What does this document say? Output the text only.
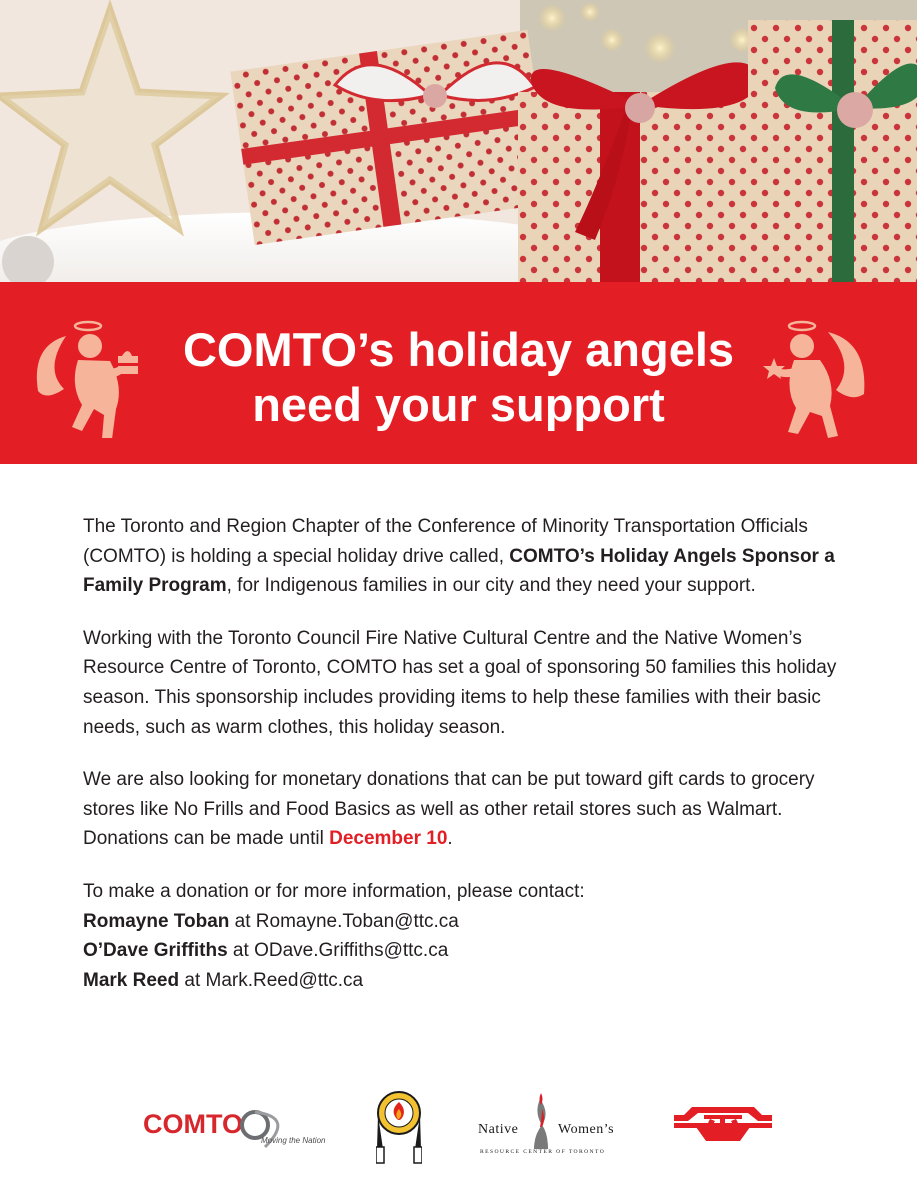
COMTO’s holiday angels
need your support

The Toronto and Region Chapter of the Conference of Minority Transportation Officials (COMTO) is holding a special holiday drive called, COMTO’s Holiday Angels Sponsor a Family Program, for Indigenous families in our city and they need your support.

Working with the Toronto Council Fire Native Cultural Centre and the Native Women’s Resource Centre of Toronto, COMTO has set a goal of sponsoring 50 families this holiday season. This sponsorship includes providing items to help these families with their basic needs, such as warm clothes, this holiday season.

We are also looking for monetary donations that can be put toward gift cards to grocery stores like No Frills and Food Basics as well as other retail stores such as Walmart. Donations can be made until December 10.

To make a donation or for more information, please contact:
Romayne Toban at Romayne.Toban@ttc.ca
O’Dave Griffiths at ODave.Griffiths@ttc.ca
Mark Reed at Mark.Reed@ttc.ca

COMTO
Moving the Nation
Native	Women’s
RESOURCE CENTER OF TORONTO
TTC
